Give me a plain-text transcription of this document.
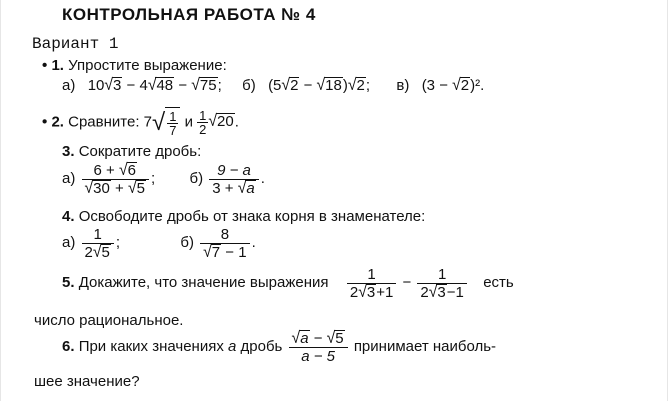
КОНТРОЛЬНАЯ РАБОТА № 4
Вариант 1
• 1. Упростите выражение:
а) 10√3 − 4√48 − √75; б) (5√2 − √18)√2; в) (3 − √2)².
• 2. Сравните: $7√ \frac{1}{7}$ и $\frac{1}{2} √20$.
3. Сократите дробь:
$а) \frac{6 + √6}{√30 + √5}$ ; $б) \frac{9 - a}{3 + √a}$ .
4. Освободите дробь от знака корня в знаменателе:
$а) \frac{1}{2√5}$ ;	$б) \frac{8}{√7 - 1}$ .
5. Докажите, что значение выражения $\frac{1}{2√3+1} - \frac{1}{2√3-1}$ есть
число рациональное.
6. При каких значениях a дробь $\frac{√a - √5}{a - 5}$ принимает наиболь-
шее значение?
